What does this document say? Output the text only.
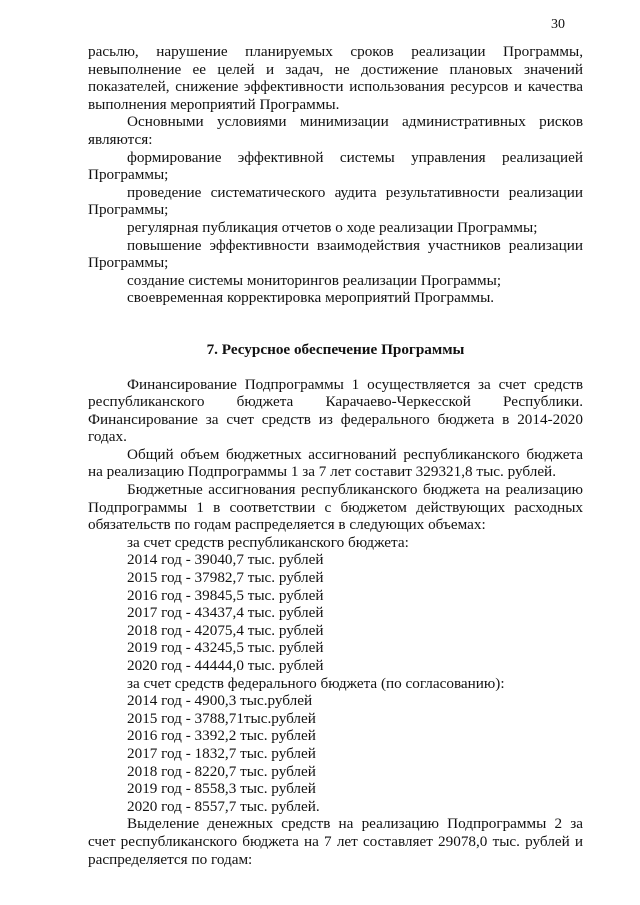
30

расьлю, нарушение планируемых сроков реализации Программы, невыполнение ее целей и задач, не достижение плановых значений показателей, снижение эффективности использования ресурсов и качества выполнения мероприятий Программы.

Основными условиями минимизации административных рисков являются:

формирование эффективной системы управления реализацией Программы;

проведение систематического аудита результативности реализации Программы;

регулярная публикация отчетов о ходе реализации Программы;

повышение эффективности взаимодействия участников реализации Программы;

создание системы мониторингов реализации Программы;

своевременная корректировка мероприятий Программы.

7. Ресурсное обеспечение Программы

Финансирование Подпрограммы 1 осуществляется за счет средств республиканского бюджета Карачаево-Черкесской Республики. Финансирование за счет средств из федерального бюджета в 2014-2020 годах.

Общий объем бюджетных ассигнований республиканского бюджета на реализацию Подпрограммы 1 за 7 лет составит 329321,8 тыс. рублей.

Бюджетные ассигнования республиканского бюджета на реализацию Подпрограммы 1 в соответствии с бюджетом действующих расходных обязательств по годам распределяется в следующих объемах:

за счет средств республиканского бюджета:

2014 год - 39040,7 тыс. рублей

2015 год - 37982,7 тыс. рублей

2016 год - 39845,5 тыс. рублей

2017 год - 43437,4 тыс. рублей

2018 год - 42075,4 тыс. рублей

2019 год - 43245,5 тыс. рублей

2020 год - 44444,0 тыс. рублей

за счет средств федерального бюджета (по согласованию):

2014 год - 4900,3 тыс.рублей

2015 год - 3788,71тыс.рублей

2016 год - 3392,2 тыс. рублей

2017 год - 1832,7 тыс. рублей

2018 год - 8220,7 тыс. рублей

2019 год - 8558,3 тыс. рублей

2020 год - 8557,7 тыс. рублей.

Выделение денежных средств на реализацию Подпрограммы 2 за счет республиканского бюджета на 7 лет составляет 29078,0 тыс. рублей и распределяется по годам:
